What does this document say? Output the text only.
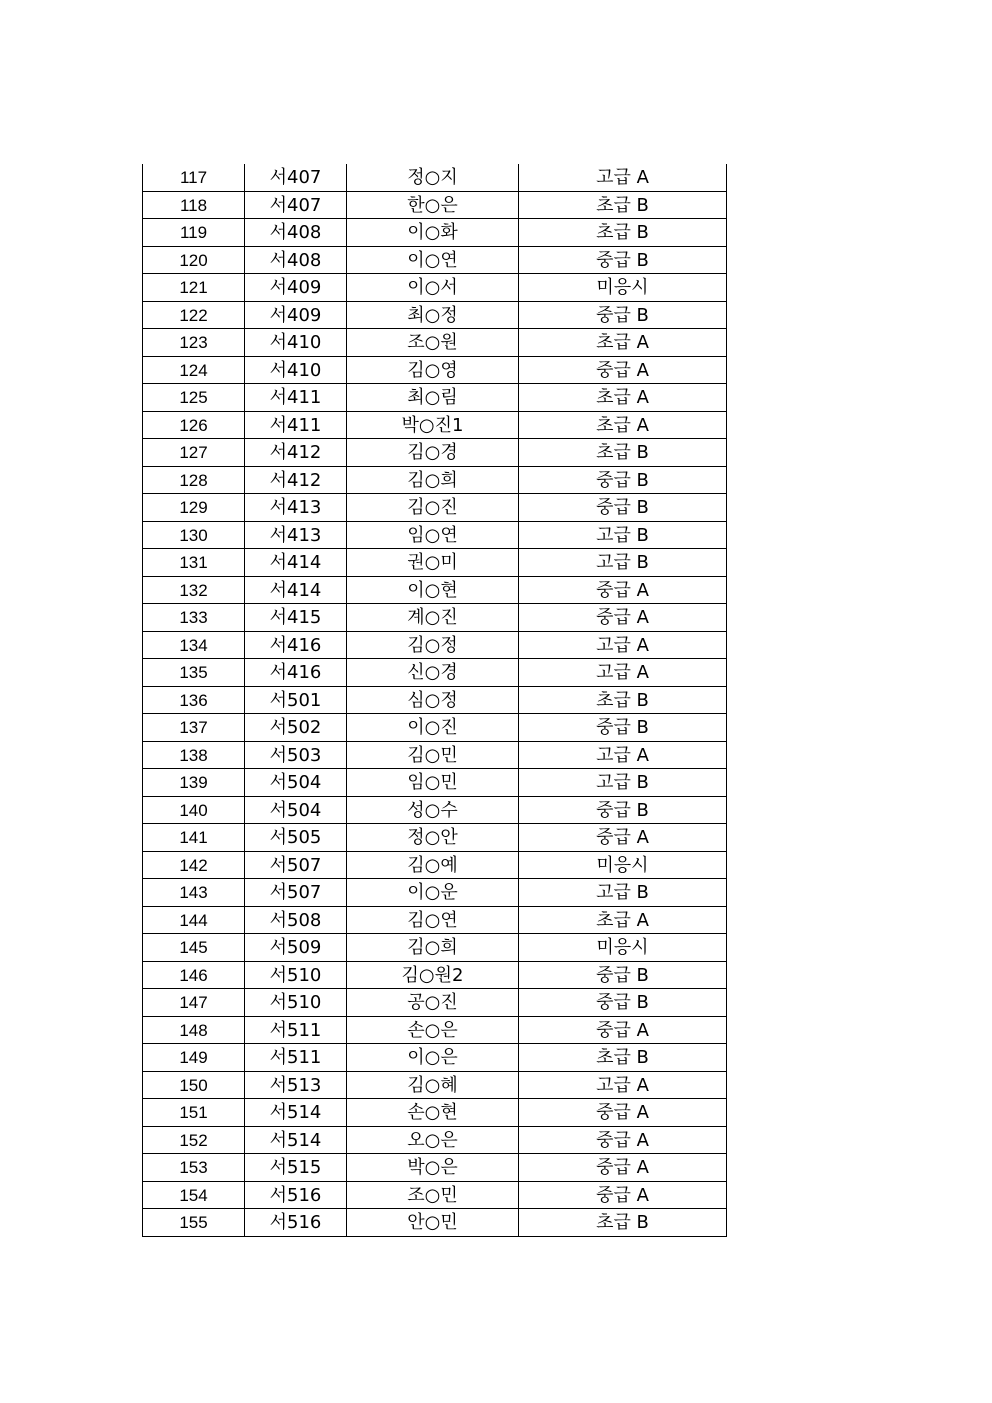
117	서407	정○지	고급 A
118	서407	한○은	초급 B
119	서408	이○화	초급 B
120	서408	이○연	중급 B
121	서409	이○서	미응시
122	서409	최○정	중급 B
123	서410	조○원	초급 A
124	서410	김○영	중급 A
125	서411	최○림	초급 A
126	서411	박○진1	초급 A
127	서412	김○경	초급 B
128	서412	김○희	중급 B
129	서413	김○진	중급 B
130	서413	임○연	고급 B
131	서414	권○미	고급 B
132	서414	이○현	중급 A
133	서415	계○진	중급 A
134	서416	김○정	고급 A
135	서416	신○경	고급 A
136	서501	심○정	초급 B
137	서502	이○진	중급 B
138	서503	김○민	고급 A
139	서504	임○민	고급 B
140	서504	성○수	중급 B
141	서505	정○안	중급 A
142	서507	김○예	미응시
143	서507	이○운	고급 B
144	서508	김○연	초급 A
145	서509	김○희	미응시
146	서510	김○원2	중급 B
147	서510	공○진	중급 B
148	서511	손○은	중급 A
149	서511	이○은	초급 B
150	서513	김○혜	고급 A
151	서514	손○현	중급 A
152	서514	오○은	중급 A
153	서515	박○은	중급 A
154	서516	조○민	중급 A
155	서516	안○민	초급 B
